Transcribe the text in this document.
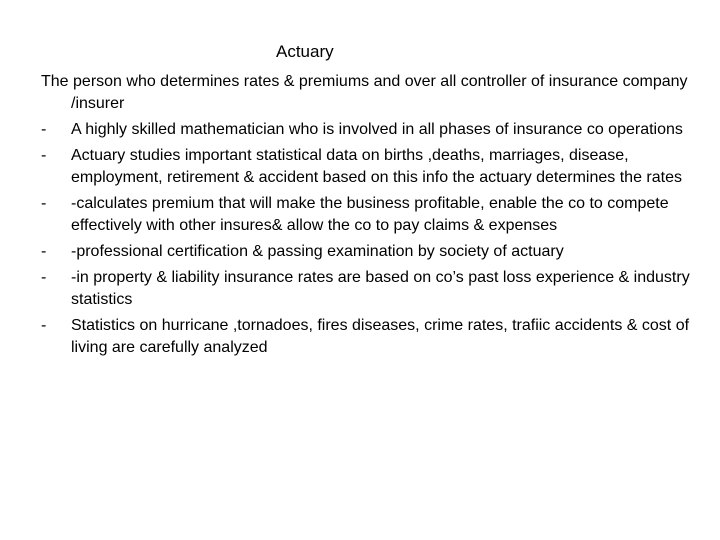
Actuary

The person who determines rates & premiums and over all controller of insurance company /insurer

-	A highly skilled mathematician who is involved in all phases of insurance co operations
-	Actuary studies important statistical data on births ,deaths, marriages, disease, employment, retirement & accident based on this info the actuary determines the rates
-	-calculates premium that will make the business profitable, enable the co to compete effectively with other insures& allow the co to pay claims & expenses
-	-professional certification & passing examination by society of actuary
-	-in property & liability insurance rates are based on co’s past loss experience & industry statistics
-	Statistics on hurricane ,tornadoes, fires diseases, crime rates, trafiic accidents & cost of living are carefully analyzed
